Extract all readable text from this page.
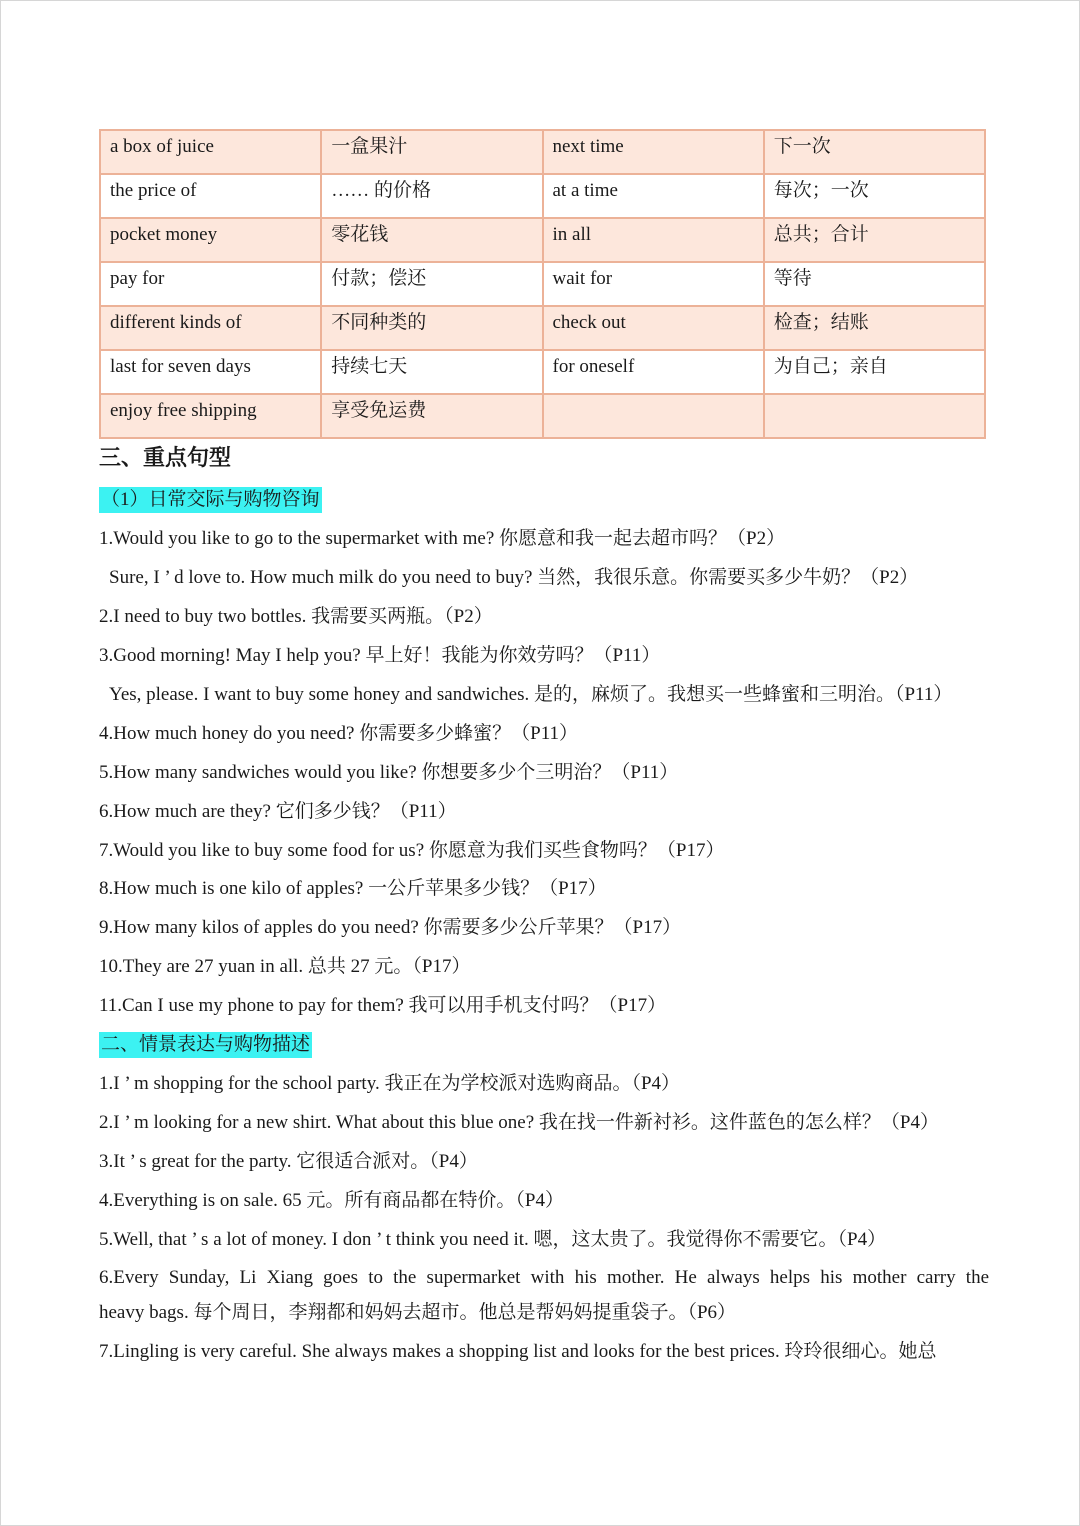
a box of juice	一盒果汁	next time	下一次
the price of	…… 的价格	at a time	每次；一次
pocket money	零花钱	in all	总共；合计
pay for	付款；偿还	wait for	等待
different kinds of	不同种类的	check out	检查；结账
last for seven days	持续七天	for oneself	为自己；亲自
enjoy free shipping	享受免运费		
三、重点句型
（1）日常交际与购物咨询
1.Would you like to go to the supermarket with me? 你愿意和我一起去超市吗？（P2）
Sure, I ’ d love to. How much milk do you need to buy? 当然，我很乐意。你需要买多少牛奶？（P2）
2.I need to buy two bottles. 我需要买两瓶。（P2）
3.Good morning! May I help you? 早上好！我能为你效劳吗？（P11）
Yes, please. I want to buy some honey and sandwiches. 是的，麻烦了。我想买一些蜂蜜和三明治。（P11）
4.How much honey do you need? 你需要多少蜂蜜？（P11）
5.How many sandwiches would you like? 你想要多少个三明治？（P11）
6.How much are they? 它们多少钱？（P11）
7.Would you like to buy some food for us? 你愿意为我们买些食物吗？（P17）
8.How much is one kilo of apples? 一公斤苹果多少钱？（P17）
9.How many kilos of apples do you need? 你需要多少公斤苹果？（P17）
10.They are 27 yuan in all. 总共 27 元。（P17）
11.Can I use my phone to pay for them? 我可以用手机支付吗？（P17）
二、情景表达与购物描述
1.I ’ m shopping for the school party. 我正在为学校派对选购商品。（P4）
2.I ’ m looking for a new shirt. What about this blue one? 我在找一件新衬衫。这件蓝色的怎么样？（P4）
3.It ’ s great for the party. 它很适合派对。（P4）
4.Everything is on sale. 65 元。所有商品都在特价。（P4）
5.Well, that ’ s a lot of money. I don ’ t think you need it. 嗯，这太贵了。我觉得你不需要它。（P4）
6.Every Sunday, Li Xiang goes to the supermarket with his mother. He always helps his mother carry the
heavy bags. 每个周日，李翔都和妈妈去超市。他总是帮妈妈提重袋子。（P6）
7.Lingling is very careful. She always makes a shopping list and looks for the best prices. 玲玲很细心。她总
